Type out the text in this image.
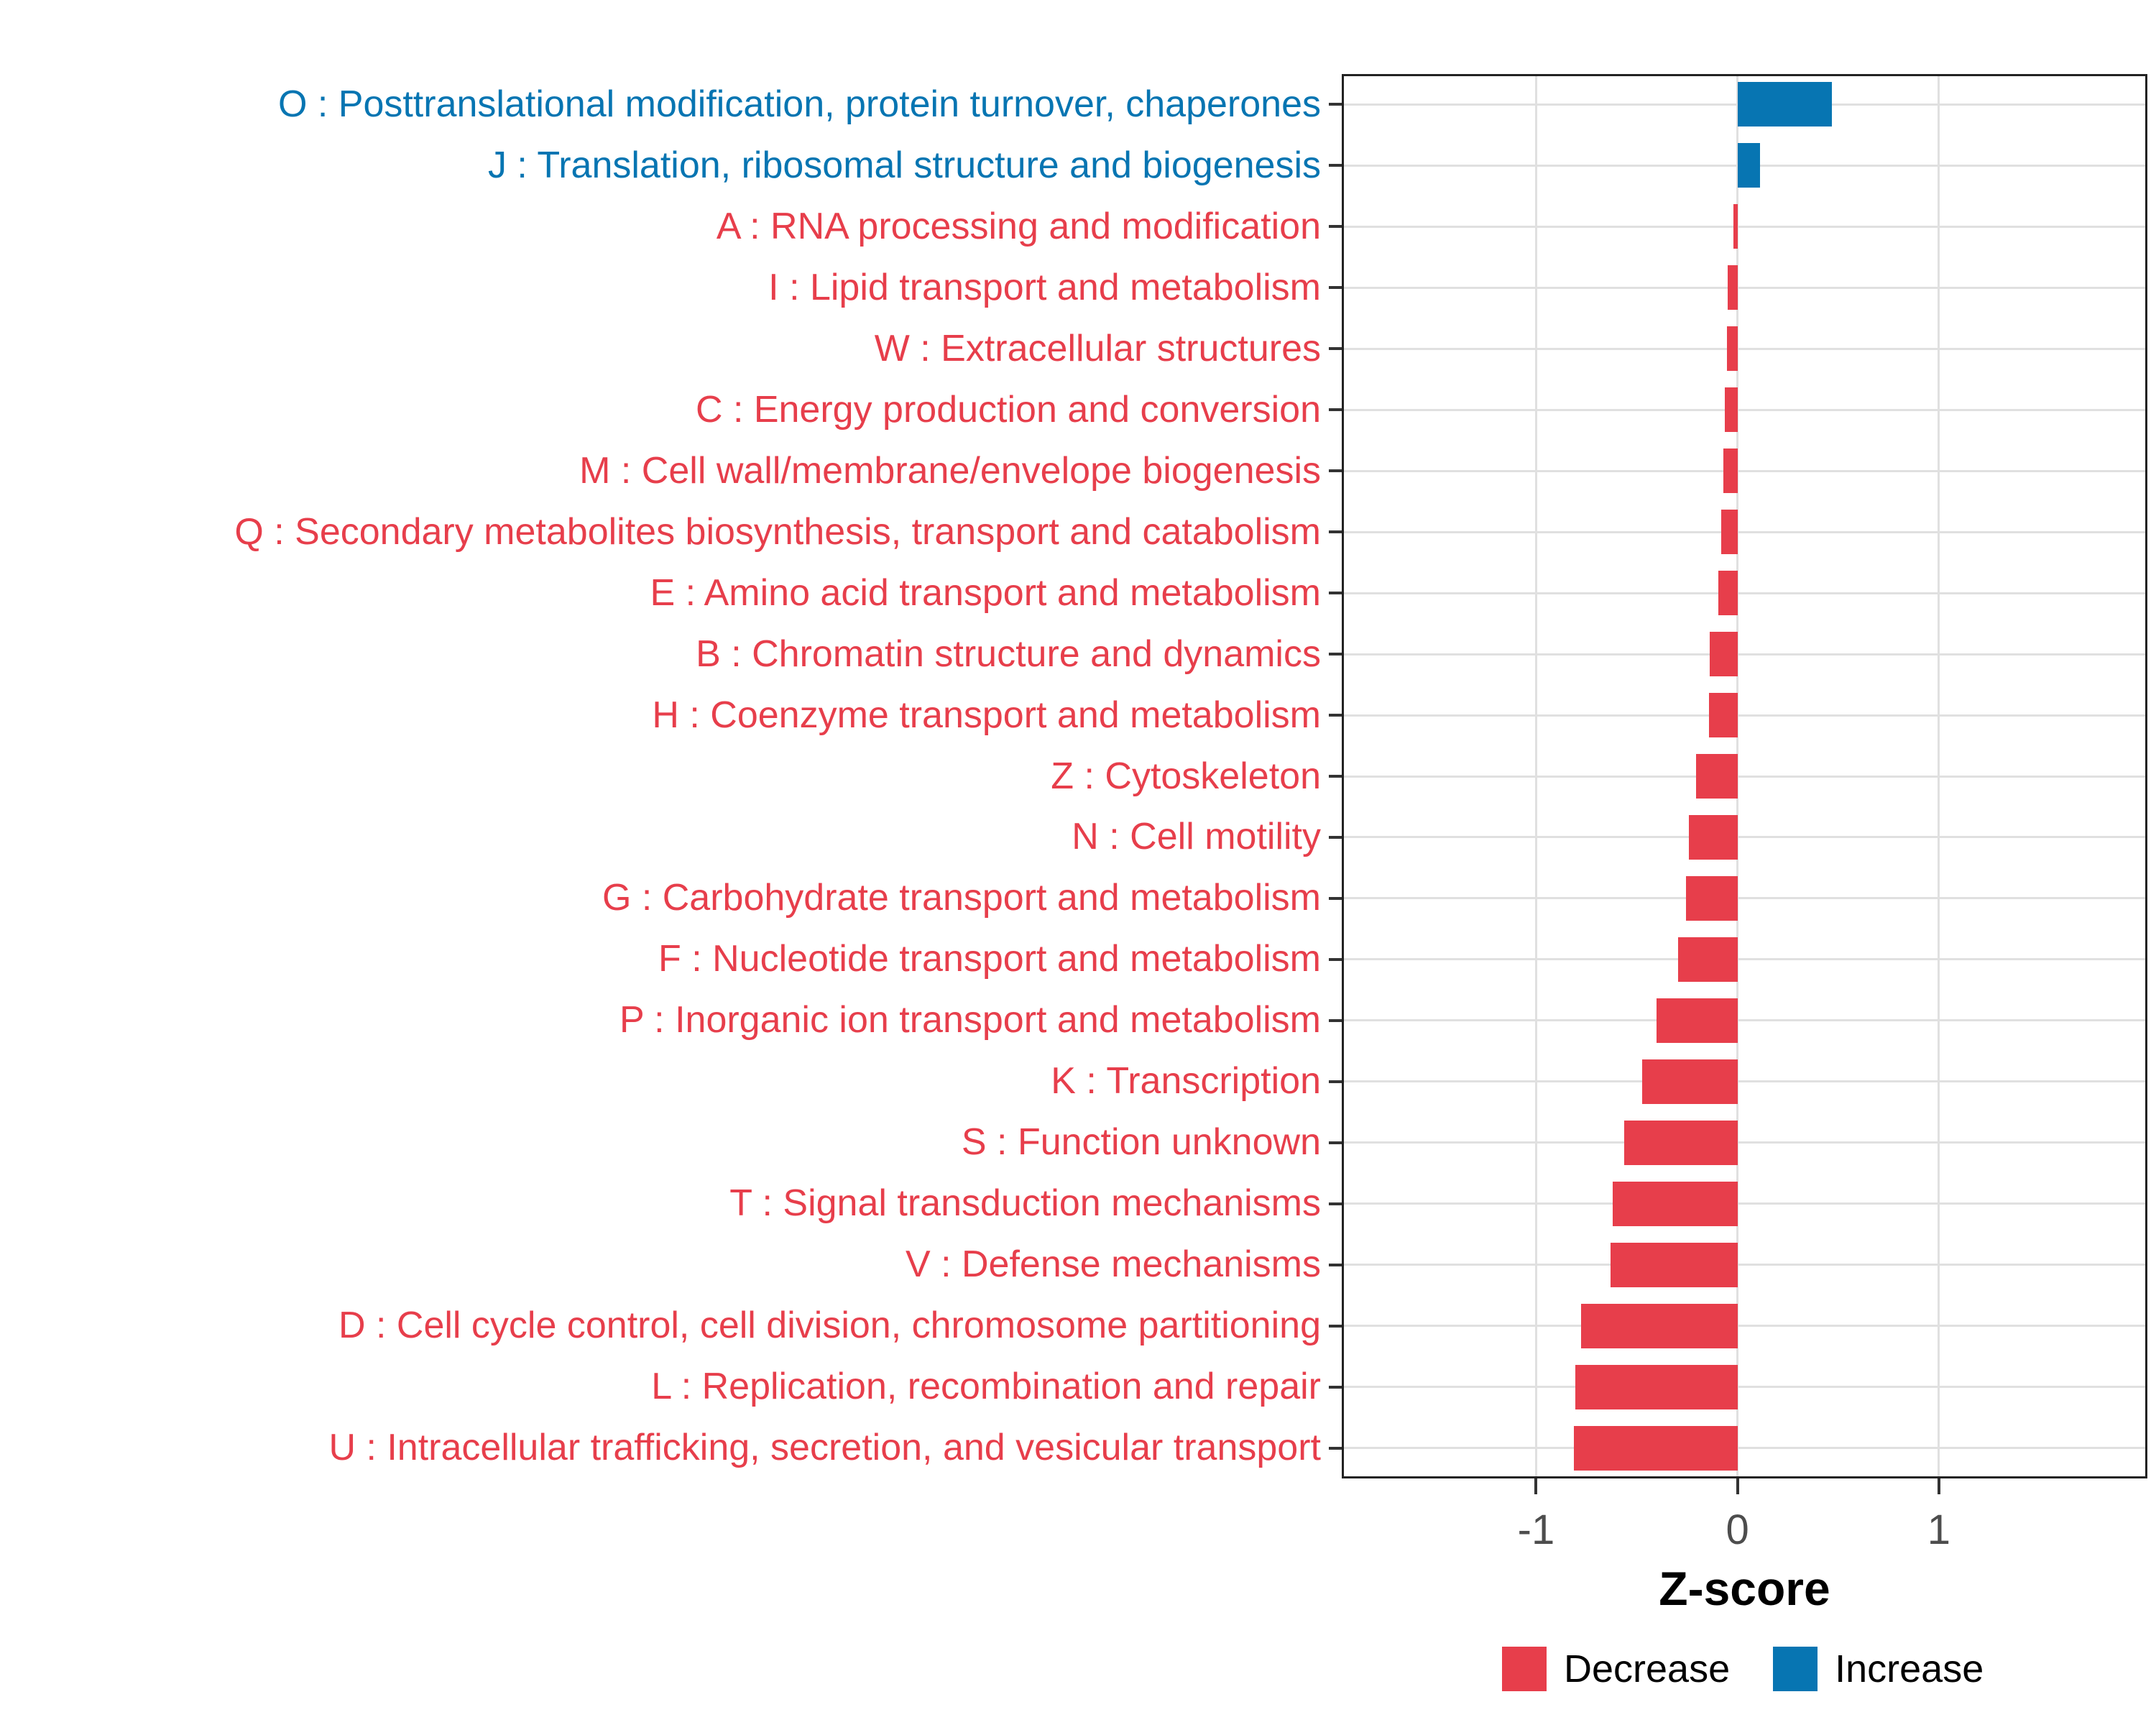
Z-score
Decrease	Increase
O : Posttranslational modification, protein turnover, chaperones
J : Translation, ribosomal structure and biogenesis
A : RNA processing and modification
I : Lipid transport and metabolism
W : Extracellular structures
C : Energy production and conversion
M : Cell wall/membrane/envelope biogenesis
Q : Secondary metabolites biosynthesis, transport and catabolism
E : Amino acid transport and metabolism
B : Chromatin structure and dynamics
H : Coenzyme transport and metabolism
Z : Cytoskeleton
N : Cell motility
G : Carbohydrate transport and metabolism
F : Nucleotide transport and metabolism
P : Inorganic ion transport and metabolism
K : Transcription
S : Function unknown
T : Signal transduction mechanisms
V : Defense mechanisms
D : Cell cycle control, cell division, chromosome partitioning
L : Replication, recombination and repair
U : Intracellular trafficking, secretion, and vesicular transport
-1	0	1
